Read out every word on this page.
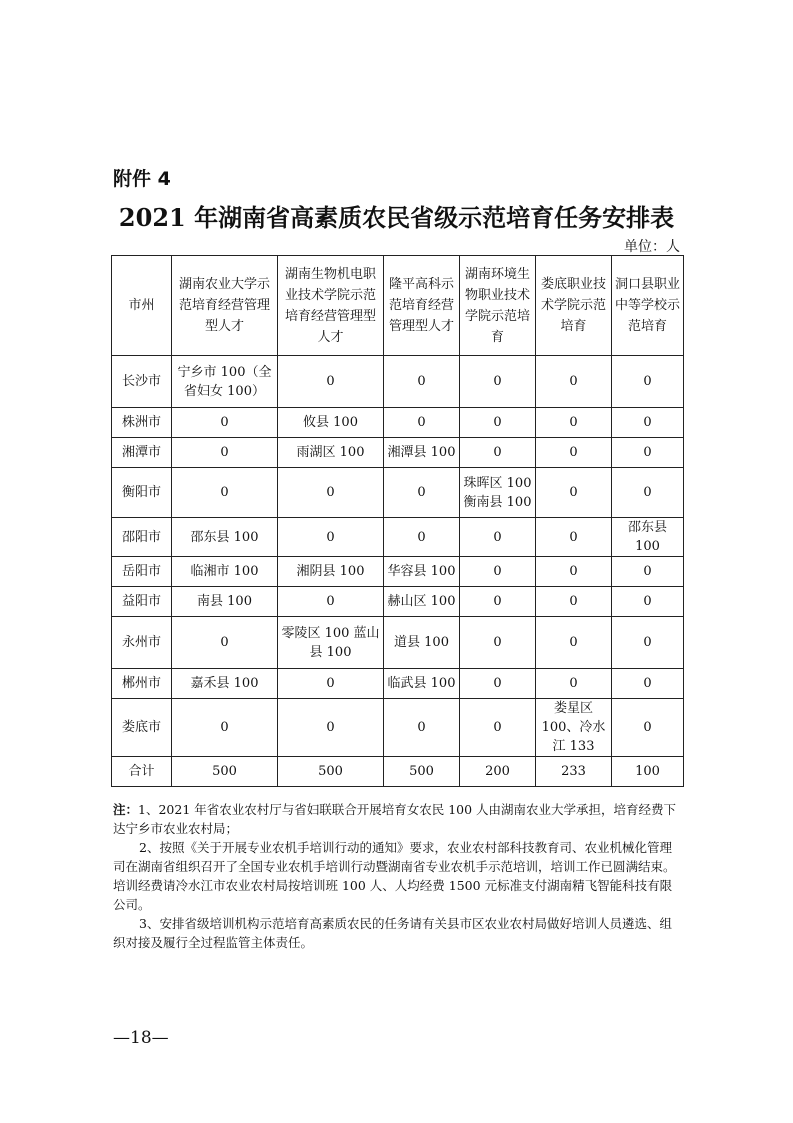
附件 4
2021 年湖南省高素质农民省级示范培育任务安排表
单位：人
市州	湖南农业大学示范培育经营管理型人才	湖南生物机电职业技术学院示范培育经营管理型人才	隆平高科示范培育经营管理型人才	湖南环境生物职业技术学院示范培育	娄底职业技术学院示范培育	洞口县职业中等学校示范培育
长沙市	宁乡市 100（全省妇女 100）	0	0	0	0	0
株洲市	0	攸县 100	0	0	0	0
湘潭市	0	雨湖区 100	湘潭县 100	0	0	0
衡阳市	0	0	0	珠晖区 100 衡南县 100	0	0
邵阳市	邵东县 100	0	0	0	0	邵东县 100
岳阳市	临湘市 100	湘阴县 100	华容县 100	0	0	0
益阳市	南县 100	0	赫山区 100	0	0	0
永州市	0	零陵区 100 蓝山县 100	道县 100	0	0	0
郴州市	嘉禾县 100	0	临武县 100	0	0	0
娄底市	0	0	0	0	娄星区 100、冷水江 133	0
合计	500	500	500	200	233	100

注：1、2021 年省农业农村厅与省妇联联合开展培育女农民 100 人由湖南农业大学承担，培育经费下达宁乡市农业农村局；

2、按照《关于开展专业农机手培训行动的通知》要求，农业农村部科技教育司、农业机械化管理司在湖南省组织召开了全国专业农机手培训行动暨湖南省专业农机手示范培训，培训工作已圆满结束。培训经费请冷水江市农业农村局按培训班 100 人、人均经费 1500 元标准支付湖南精飞智能科技有限公司。

3、安排省级培训机构示范培育高素质农民的任务请有关县市区农业农村局做好培训人员遴选、组织对接及履行全过程监管主体责任。

—18—
